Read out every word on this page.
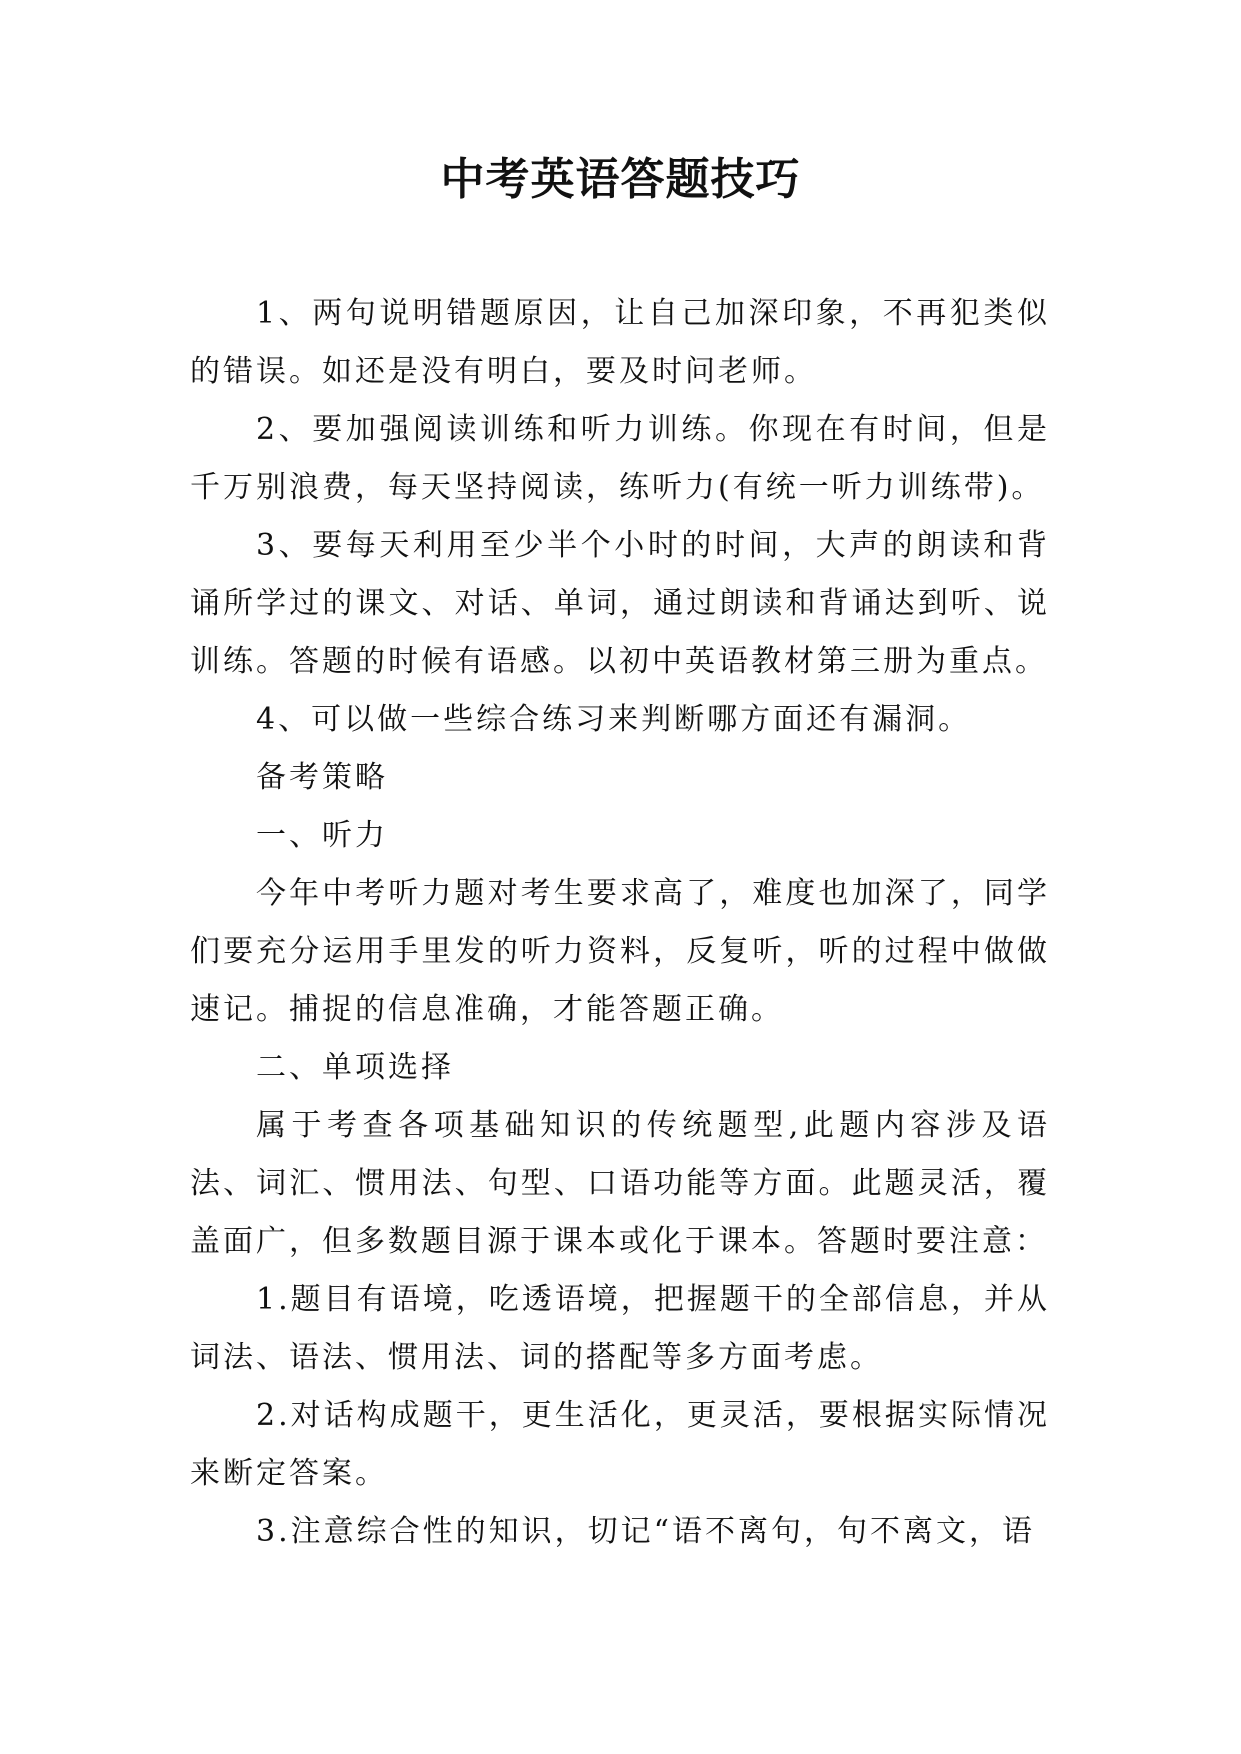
中考英语答题技巧

1、两句说明错题原因，让自己加深印象，不再犯类似的错误。如还是没有明白，要及时问老师。

2、要加强阅读训练和听力训练。你现在有时间，但是千万别浪费，每天坚持阅读，练听力(有统一听力训练带)。

3、要每天利用至少半个小时的时间，大声的朗读和背诵所学过的课文、对话、单词，通过朗读和背诵达到听、说训练。答题的时候有语感。以初中英语教材第三册为重点。

4、可以做一些综合练习来判断哪方面还有漏洞。

备考策略

一、听力

今年中考听力题对考生要求高了，难度也加深了，同学们要充分运用手里发的听力资料，反复听，听的过程中做做速记。捕捉的信息准确，才能答题正确。

二、单项选择

属于考查各项基础知识的传统题型,此题内容涉及语法、词汇、惯用法、句型、口语功能等方面。此题灵活，覆盖面广，但多数题目源于课本或化于课本。答题时要注意：

1.题目有语境，吃透语境，把握题干的全部信息，并从词法、语法、惯用法、词的搭配等多方面考虑。

2.对话构成题干，更生活化，更灵活，要根据实际情况来断定答案。

3.注意综合性的知识，切记“语不离句，句不离文，语
